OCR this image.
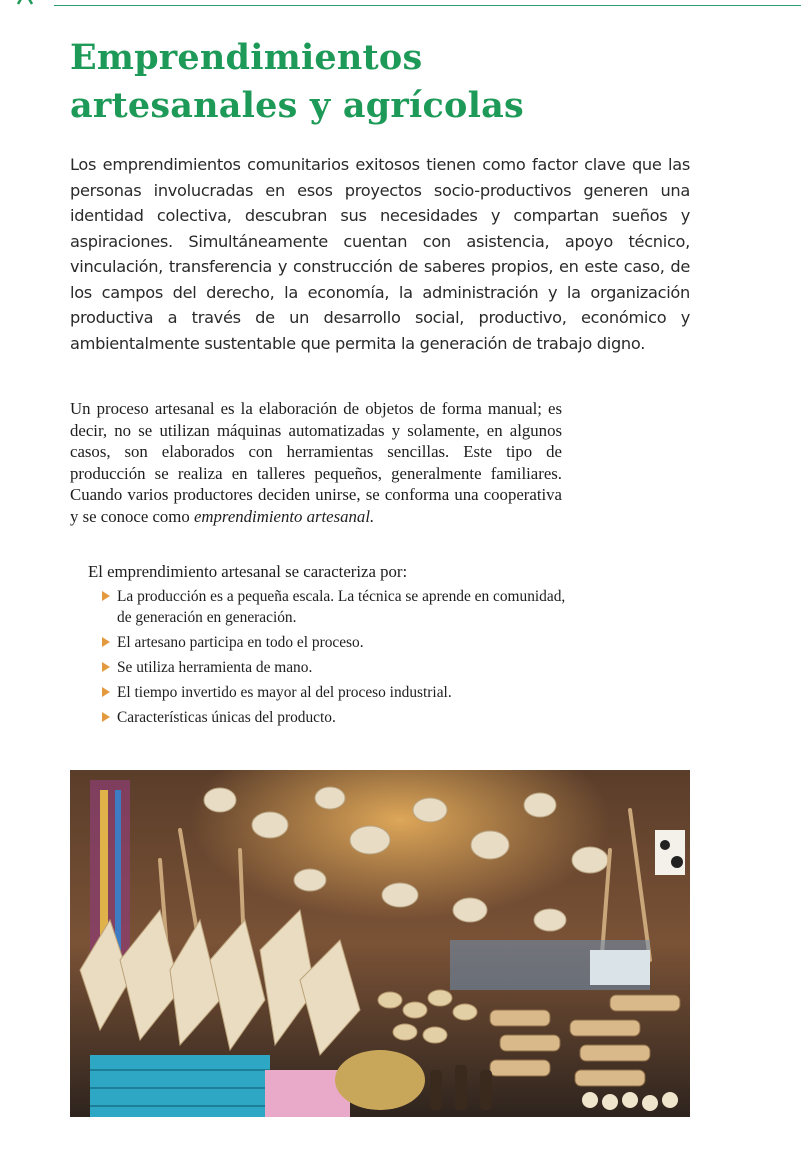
Emprendimientos
artesanales y agrícolas

Los emprendimientos comunitarios exitosos tienen como factor clave que las personas involucradas en esos proyectos socio-productivos generen una identidad colectiva, descubran sus necesidades y compartan sueños y aspiraciones. Simultáneamente cuentan con asistencia, apoyo técnico, vinculación, transferencia y construcción de saberes propios, en este caso, de los campos del derecho, la economía, la administración y la organización productiva a través de un desarrollo social, productivo, económico y ambientalmente sustentable que permita la generación de trabajo digno.

Un proceso artesanal es la elaboración de objetos de forma manual; es decir, no se utilizan máquinas automatizadas y solamente, en algunos casos, son elaborados con herramientas sencillas. Este tipo de producción se realiza en talleres pequeños, generalmente familiares. Cuando varios productores deciden unirse, se conforma una cooperativa y se conoce como emprendimiento artesanal.

El emprendimiento artesanal se caracteriza por:

La producción es a pequeña escala. La técnica se aprende en comunidad, de generación en generación.
El artesano participa en todo el proceso.
Se utiliza herramienta de mano.
El tiempo invertido es mayor al del proceso industrial.
Características únicas del producto.
